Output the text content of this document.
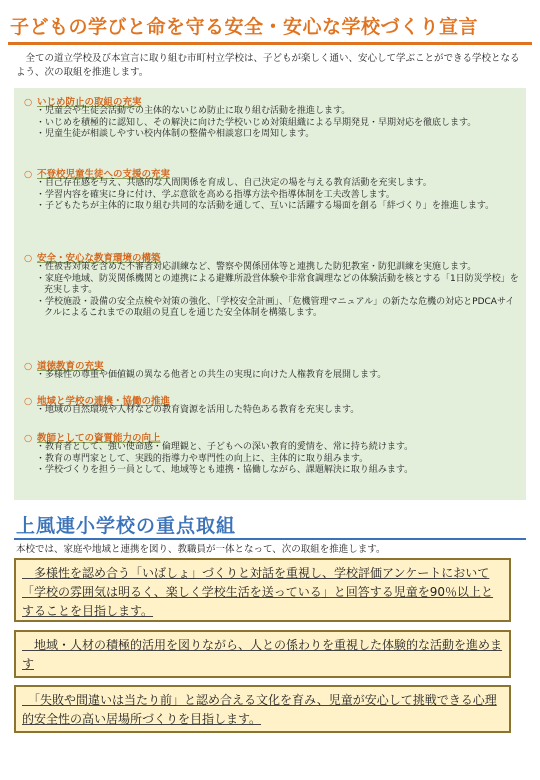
子どもの学びと命を守る安全・安心な学校づくり宣言
　全ての道立学校及び本宣言に取り組む市町村立学校は、子どもが楽しく通い、安心して学ぶことができる学校となるよう、次の取組を推進します。
○ いじめ防止の取組の充実

・児童会や生徒会活動での主体的ないじめ防止に取り組む活動を推進します。

・いじめを積極的に認知し、その解決に向けた学校いじめ対策組織による早期発見・早期対応を徹底します。

・児童生徒が相談しやすい校内体制の整備や相談窓口を周知します。

○ 不登校児童生徒への支援の充実

・自己存在感を与え、共感的な人間関係を育成し、自己決定の場を与える教育活動を充実します。

・学習内容を確実に身に付け、学ぶ意欲を高める指導方法や指導体制を工夫改善します。

・子どもたちが主体的に取り組む共同的な活動を通して、互いに活躍する場面を創る「絆づくり」を推進します。

○ 安全・安心な教育環境の構築

・性被害対策を含めた不審者対応訓練など、警察や関係団体等と連携した防犯教室・防犯訓練を実施します。

・家庭や地域、防災関係機関との連携による避難所設営体験や非常食調理などの体験活動を核とする「1日防災学校」を充実します。

・学校施設・設備の安全点検や対策の強化、「学校安全計画」、「危機管理マニュアル」の新たな危機の対応とPDCAサイクルによるこれまでの取組の見直しを通じた安全体制を構築します。

○ 道徳教育の充実

・多様性の尊重や価値観の異なる他者との共生の実現に向けた人権教育を展開します。

○ 地域と学校の連携・協働の推進

・地域の自然環境や人材などの教育資源を活用した特色ある教育を充実します。

○ 教師としての資質能力の向上

・教育者として、強い使命感・倫理観と、子どもへの深い教育的愛情を、常に持ち続けます。

・教育の専門家として、実践的指導力や専門性の向上に、主体的に取り組みます。

・学校づくりを担う一員として、地域等とも連携・協働しながら、課題解決に取り組みます。

上風連小学校の重点取組
本校では、家庭や地域と連携を図り、教職員が一体となって、次の取組を推進します。
　多様性を認め合う「いばしょ」づくりと対話を重視し、学校評価アンケートにおいて「学校の雰囲気は明るく、楽しく学校生活を送っている」と回答する児童を90％以上とすることを目指します。
　地域・人材の積極的活用を図りながら、人との係わりを重視した体験的な活動を進めます
　「失敗や間違いは当たり前」と認め合える文化を育み、児童が安心して挑戦できる心理的安全性の高い居場所づくりを目指します。
